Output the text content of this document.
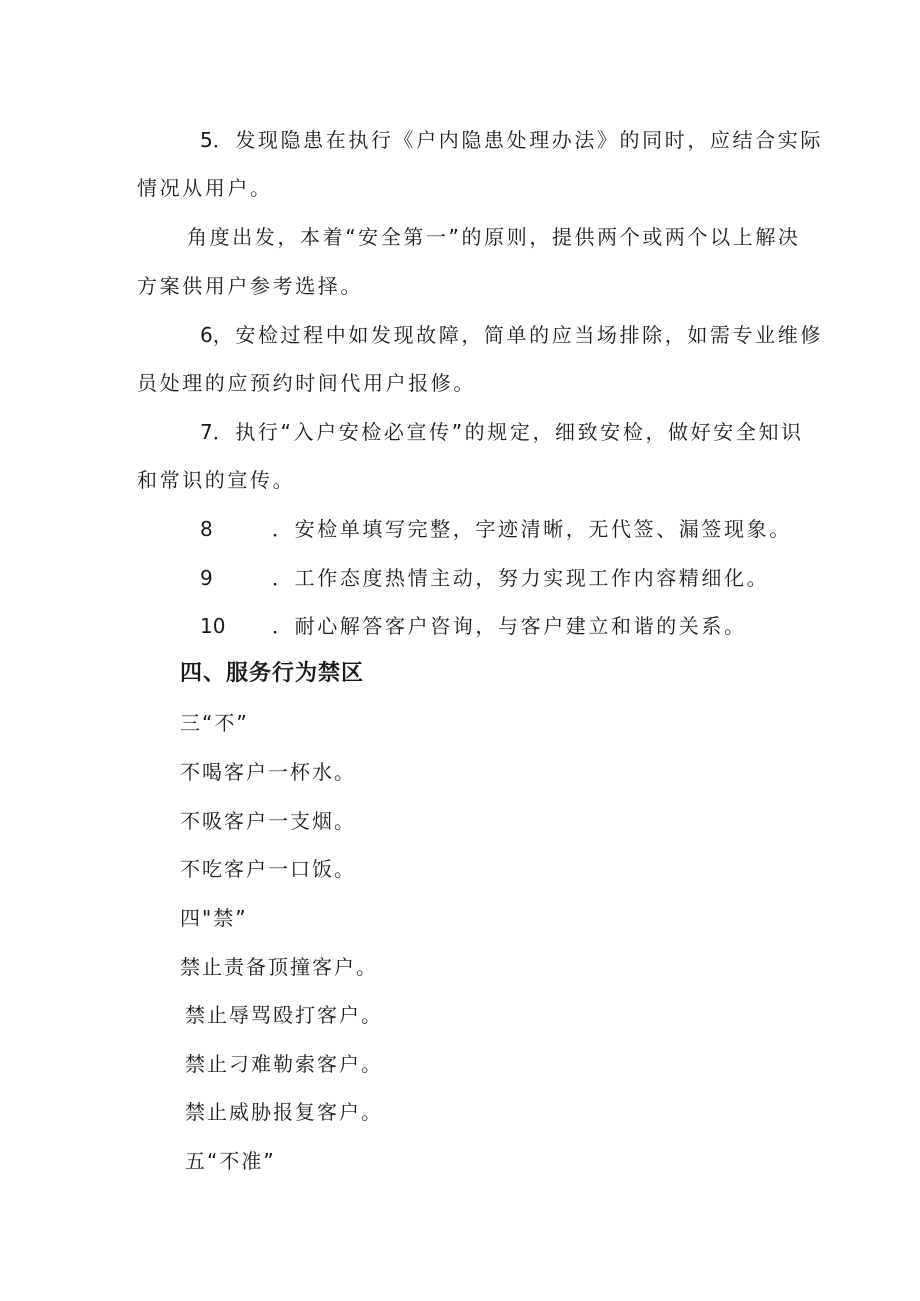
5．发现隐患在执行《户内隐患处理办法》的同时，应结合实际
情况从用户。
角度出发，本着“安全第一”的原则，提供两个或两个以上解决
方案供用户参考选择。
6，安检过程中如发现故障，简单的应当场排除，如需专业维修
员处理的应预约时间代用户报修。
7．执行“入户安检必宣传”的规定，细致安检，做好安全知识
和常识的宣传。
8	．安检单填写完整，字迹清晰，无代签、漏签现象。
9	．工作态度热情主动，努力实现工作内容精细化。
10 ．耐心解答客户咨询，与客户建立和谐的关系。
四、服务行为禁区
三“不”
不喝客户一杯水。
不吸客户一支烟。
不吃客户一口饭。
四"禁”
禁止责备顶撞客户。
禁止辱骂殴打客户。
禁止刁难勒索客户。
禁止威胁报复客户。
五“不准”
